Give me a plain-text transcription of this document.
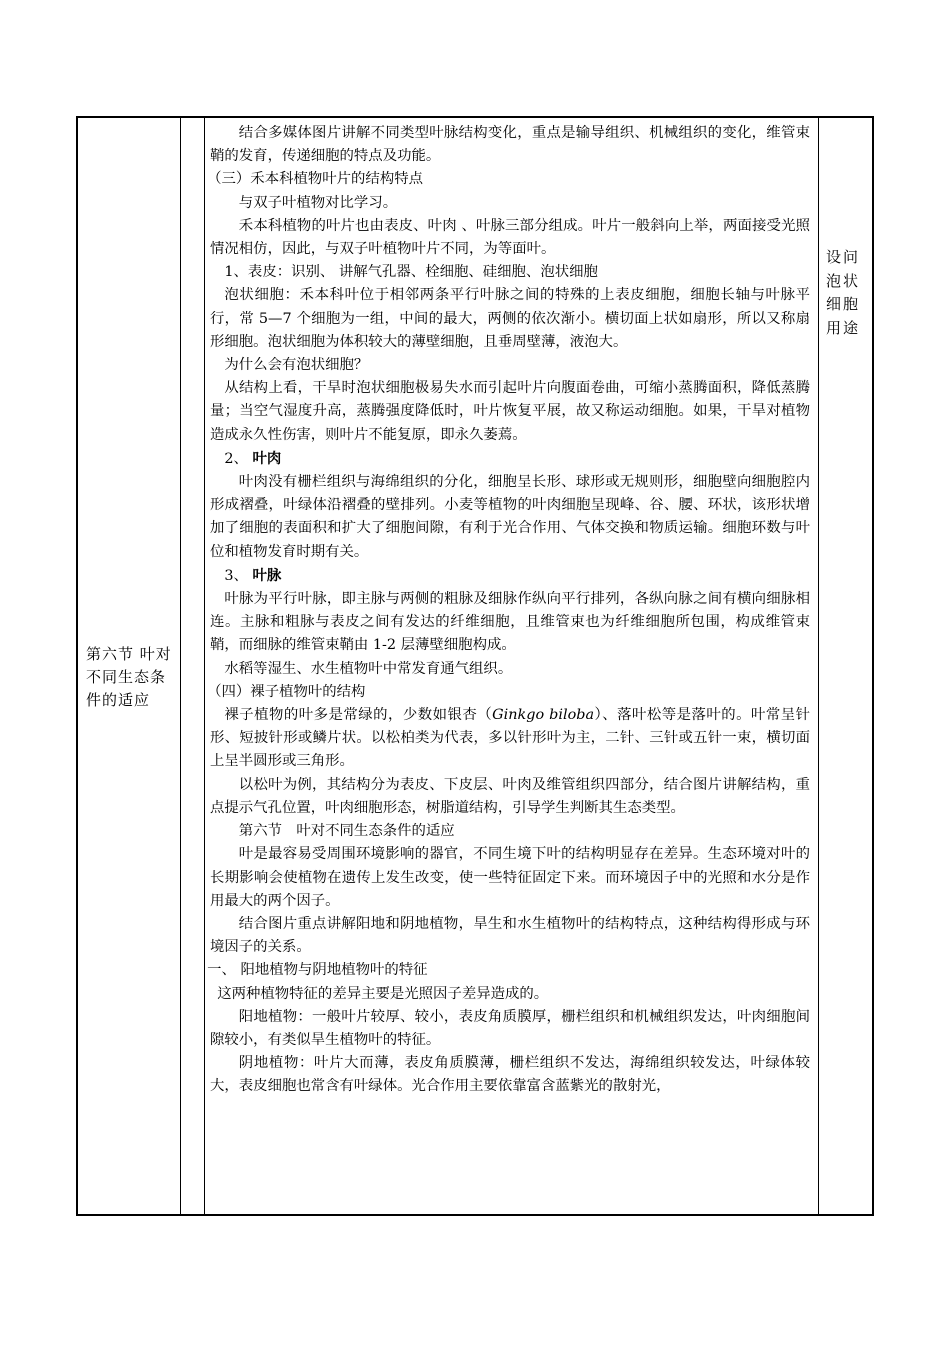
第六节 叶对不同生态条件的适应

结合多媒体图片讲解不同类型叶脉结构变化，重点是输导组织、机械组织的变化，维管束鞘的发育，传递细胞的特点及功能。

（三）禾本科植物叶片的结构特点

与双子叶植物对比学习。

禾本科植物的叶片也由表皮、叶肉 、叶脉三部分组成。叶片一般斜向上举，两面接受光照情况相仿，因此，与双子叶植物叶片不同，为等面叶。

1、表皮：识别、 讲解气孔器、栓细胞、硅细胞、泡状细胞

泡状细胞：禾本科叶位于相邻两条平行叶脉之间的特殊的上表皮细胞，细胞长轴与叶脉平行，常 5—7 个细胞为一组，中间的最大，两侧的依次渐小。横切面上状如扇形，所以又称扇形细胞。泡状细胞为体积较大的薄壁细胞，且垂周壁薄，液泡大。

为什么会有泡状细胞？

从结构上看，干旱时泡状细胞极易失水而引起叶片向腹面卷曲，可缩小蒸腾面积，降低蒸腾量；当空气湿度升高，蒸腾强度降低时，叶片恢复平展，故又称运动细胞。如果，干旱对植物造成永久性伤害，则叶片不能复原，即永久萎蔫。

2、 叶肉

叶肉没有栅栏组织与海绵组织的分化，细胞呈长形、球形或无规则形，细胞壁向细胞腔内形成褶叠，叶绿体沿褶叠的壁排列。小麦等植物的叶肉细胞呈现峰、谷、腰、环状，该形状增加了细胞的表面积和扩大了细胞间隙，有利于光合作用、气体交换和物质运输。细胞环数与叶位和植物发育时期有关。

3、 叶脉

叶脉为平行叶脉，即主脉与两侧的粗脉及细脉作纵向平行排列，各纵向脉之间有横向细脉相连。主脉和粗脉与表皮之间有发达的纤维细胞，且维管束也为纤维细胞所包围，构成维管束鞘，而细脉的维管束鞘由 1-2 层薄壁细胞构成。

水稻等湿生、水生植物叶中常发育通气组织。

（四）裸子植物叶的结构

裸子植物的叶多是常绿的，少数如银杏（Ginkgo biloba）、落叶松等是落叶的。叶常呈针形、短披针形或鳞片状。以松柏类为代表，多以针形叶为主，二针、三针或五针一束，横切面上呈半圆形或三角形。

以松叶为例，其结构分为表皮、下皮层、叶肉及维管组织四部分，结合图片讲解结构，重点提示气孔位置，叶肉细胞形态，树脂道结构，引导学生判断其生态类型。

第六节　叶对不同生态条件的适应

叶是最容易受周围环境影响的器官，不同生境下叶的结构明显存在差异。生态环境对叶的长期影响会使植物在遗传上发生改变，使一些特征固定下来。而环境因子中的光照和水分是作用最大的两个因子。

结合图片重点讲解阳地和阴地植物，旱生和水生植物叶的结构特点，这种结构得形成与环境因子的关系。

一、 阳地植物与阴地植物叶的特征

这两种植物特征的差异主要是光照因子差异造成的。

阳地植物：一般叶片较厚、较小，表皮角质膜厚，栅栏组织和机械组织发达，叶肉细胞间隙较小，有类似旱生植物叶的特征。

阴地植物：叶片大而薄，表皮角质膜薄，栅栏组织不发达，海绵组织较发达，叶绿体较大，表皮细胞也常含有叶绿体。光合作用主要依靠富含蓝紫光的散射光，

设问泡状细胞用途
